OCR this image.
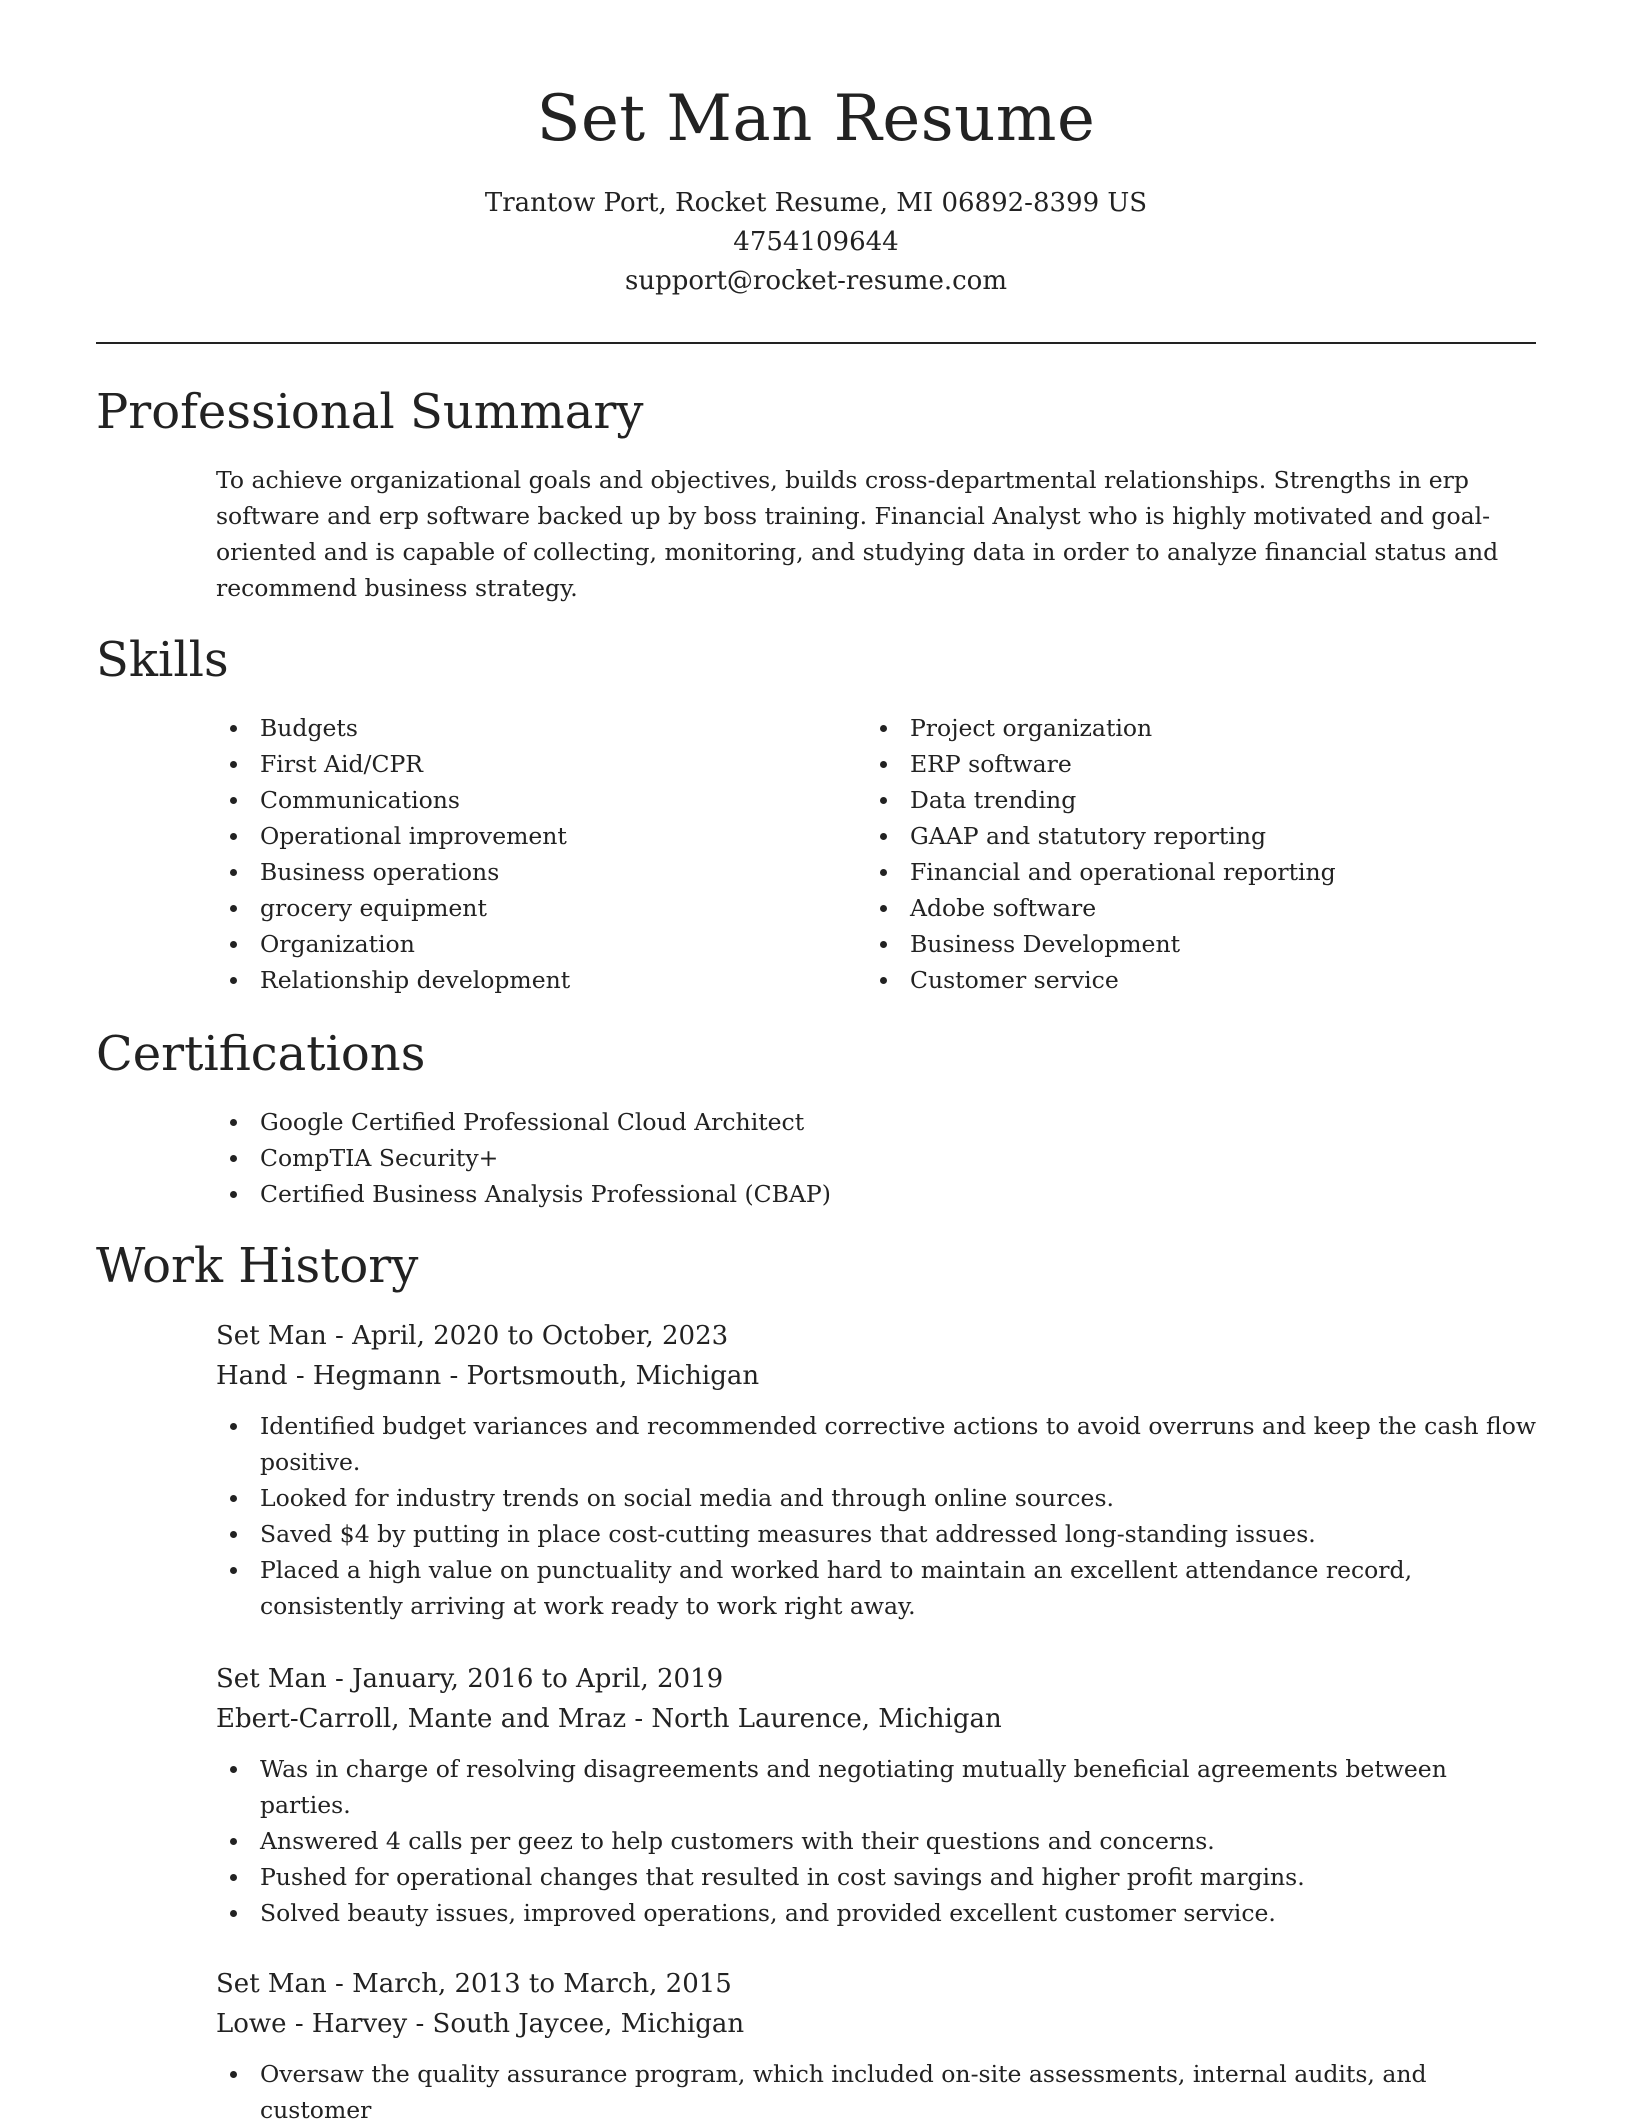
Set Man Resume

Trantow Port, Rocket Resume, MI 06892-8399 US

4754109644

support@rocket-resume.com

Professional Summary

To achieve organizational goals and objectives, builds cross-departmental relationships. Strengths in erp software and erp software backed up by boss training. Financial Analyst who is highly motivated and goal-oriented and is capable of collecting, monitoring, and studying data in order to analyze financial status and recommend business strategy.

Skills
Budgets
First Aid/CPR
Communications
Operational improvement
Business operations
grocery equipment
Organization
Relationship development
Project organization
ERP software
Data trending
GAAP and statutory reporting
Financial and operational reporting
Adobe software
Business Development
Customer service
Certifications
Google Certified Professional Cloud Architect
CompTIA Security+
Certified Business Analysis Professional (CBAP)
Work History

Set Man - April, 2020 to October, 2023

Hand - Hegmann - Portsmouth, Michigan

Identified budget variances and recommended corrective actions to avoid overruns and keep the cash flow positive.
Looked for industry trends on social media and through online sources.
Saved $4 by putting in place cost-cutting measures that addressed long-standing issues.
Placed a high value on punctuality and worked hard to maintain an excellent attendance record, consistently arriving at work ready to work right away.

Set Man - January, 2016 to April, 2019

Ebert-Carroll, Mante and Mraz - North Laurence, Michigan

Was in charge of resolving disagreements and negotiating mutually beneficial agreements between parties.
Answered 4 calls per geez to help customers with their questions and concerns.
Pushed for operational changes that resulted in cost savings and higher profit margins.
Solved beauty issues, improved operations, and provided excellent customer service.

Set Man - March, 2013 to March, 2015

Lowe - Harvey - South Jaycee, Michigan

Oversaw the quality assurance program, which included on-site assessments, internal audits, and customer
